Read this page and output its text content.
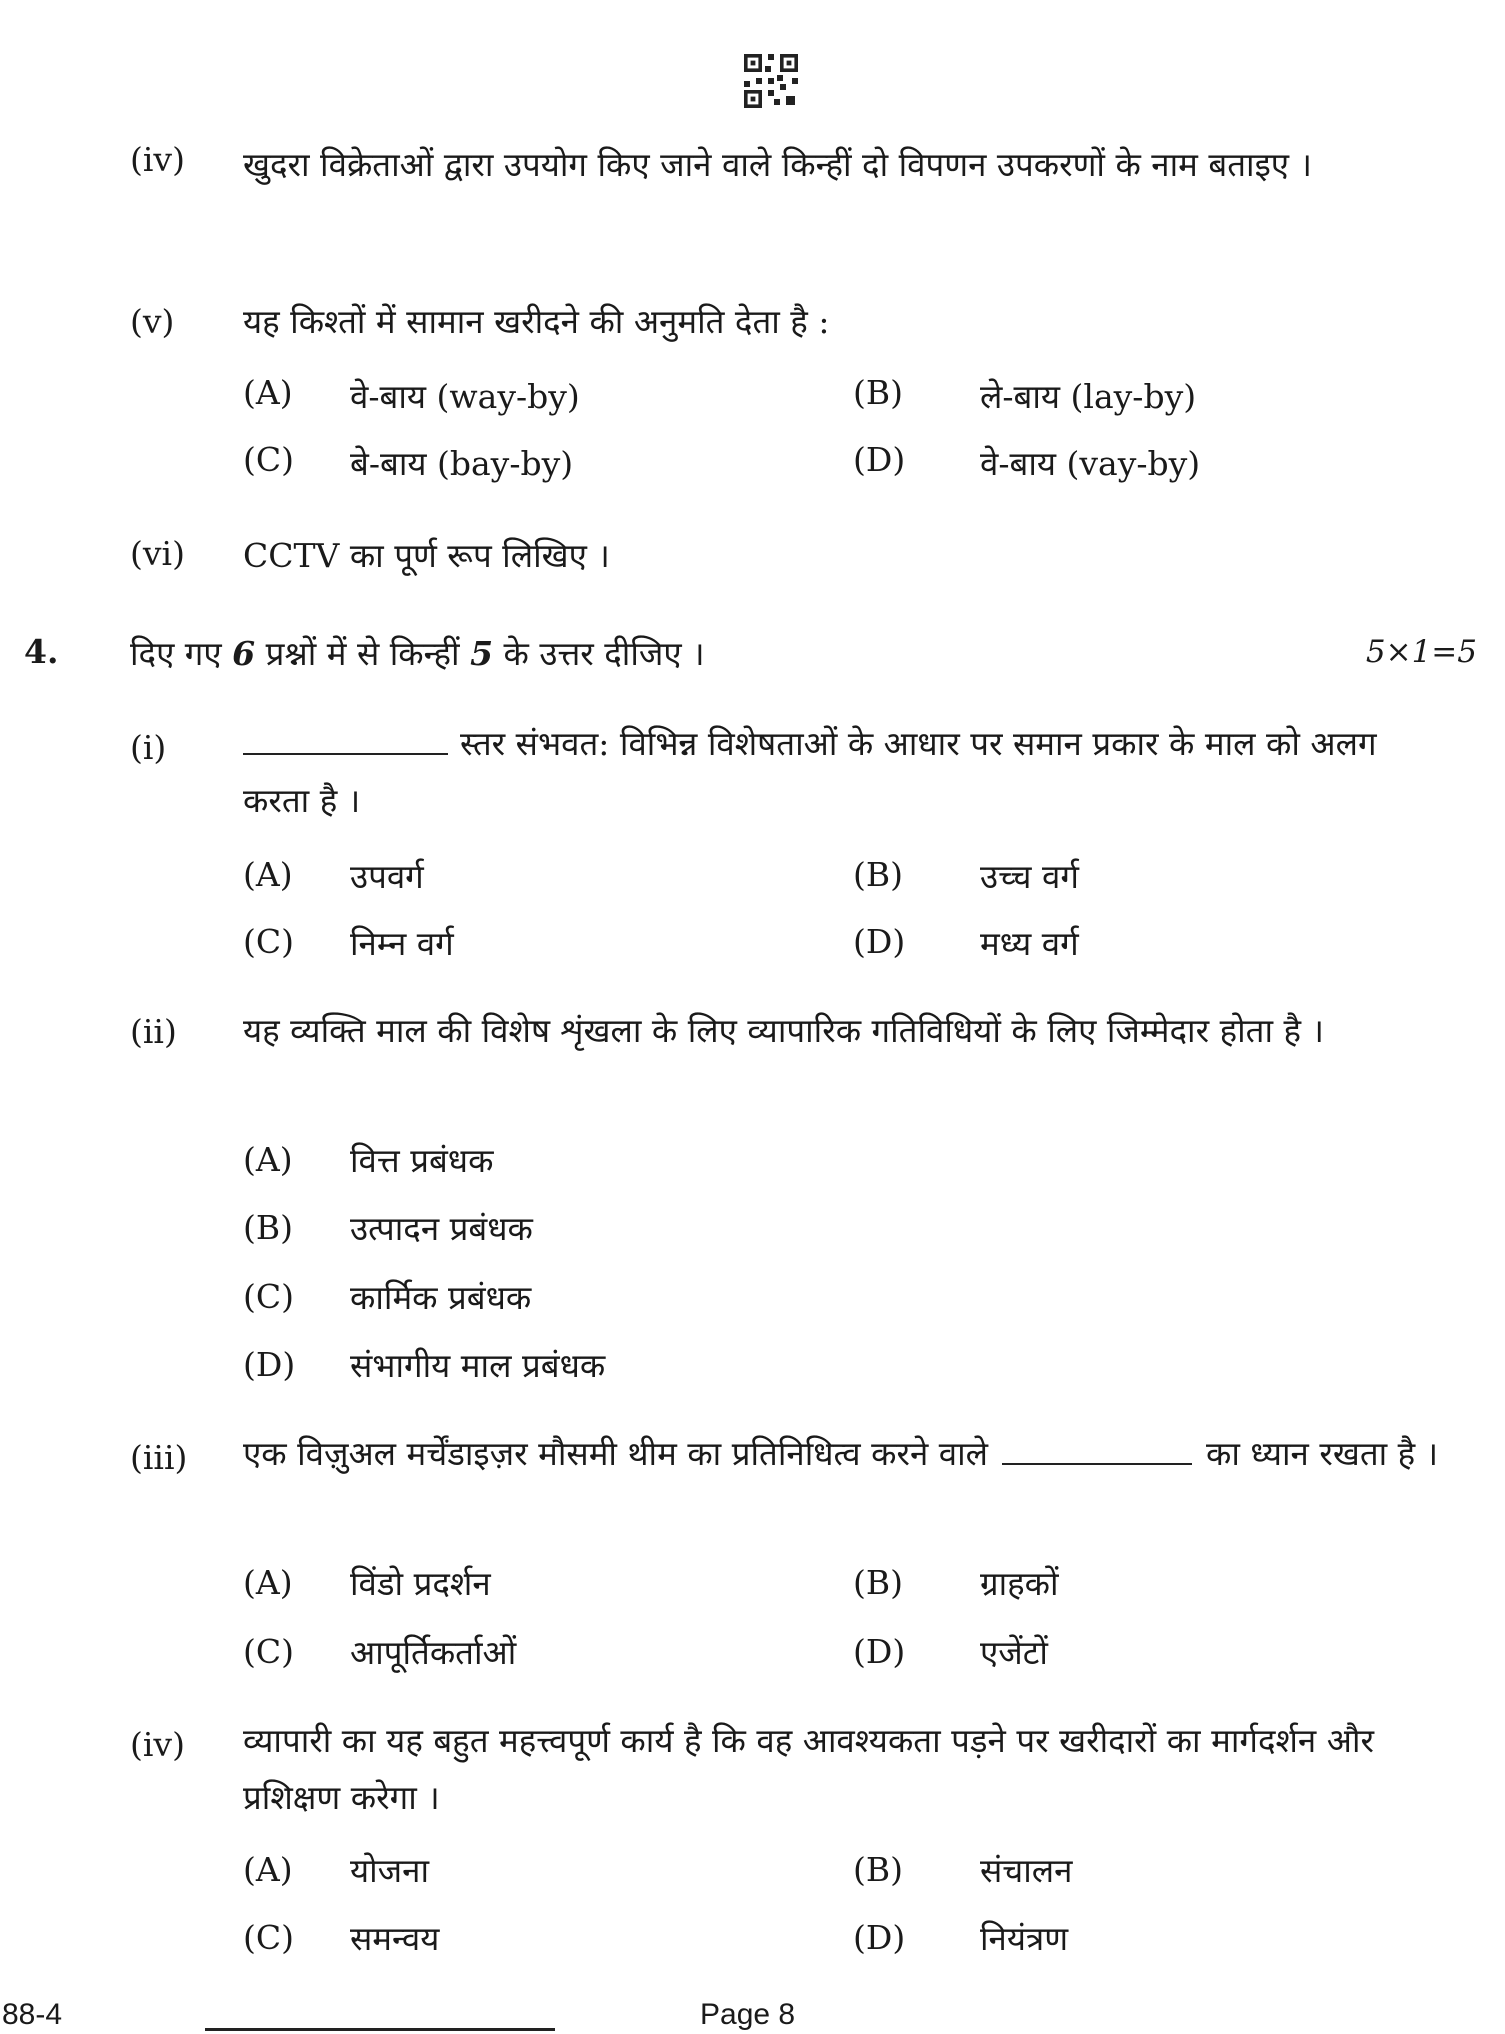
(iv) खुदरा विक्रेताओं द्वारा उपयोग किए जाने वाले किन्हीं दो विपणन उपकरणों के नाम बताइए ।
(v) यह किश्तों में सामान खरीदने की अनुमति देता है :
(A) वे-बाय (way-by)	(B) ले-बाय (lay-by)
(C) बे-बाय (bay-by)	(D) वे-बाय (vay-by)
(vi) CCTV का पूर्ण रूप लिखिए ।
4. दिए गए 6 प्रश्नों में से किन्हीं 5 के उत्तर दीजिए ।	5×1=5
(i)	स्तर संभवत: विभिन्न विशेषताओं के आधार पर समान प्रकार के माल को अलग करता है ।
(A) उपवर्ग	(B) उच्च वर्ग
(C) निम्न वर्ग	(D) मध्य वर्ग
(ii) यह व्यक्ति माल की विशेष शृंखला के लिए व्यापारिक गतिविधियों के लिए जिम्मेदार होता है ।
(A) वित्त प्रबंधक
(B) उत्पादन प्रबंधक
(C) कार्मिक प्रबंधक
(D) संभागीय माल प्रबंधक
(iii) एक विज़ुअल मर्चेंडाइज़र मौसमी थीम का प्रतिनिधित्व करने वाले	का ध्यान रखता है ।
(A) विंडो प्रदर्शन	(B) ग्राहकों
(C) आपूर्तिकर्ताओं	(D) एजेंटों
(iv) व्यापारी का यह बहुत महत्त्वपूर्ण कार्य है कि वह आवश्यकता पड़ने पर खरीदारों का मार्गदर्शन और प्रशिक्षण करेगा ।
(A) योजना	(B) संचालन
(C) समन्वय	(D) नियंत्रण
88-4	Page 8
